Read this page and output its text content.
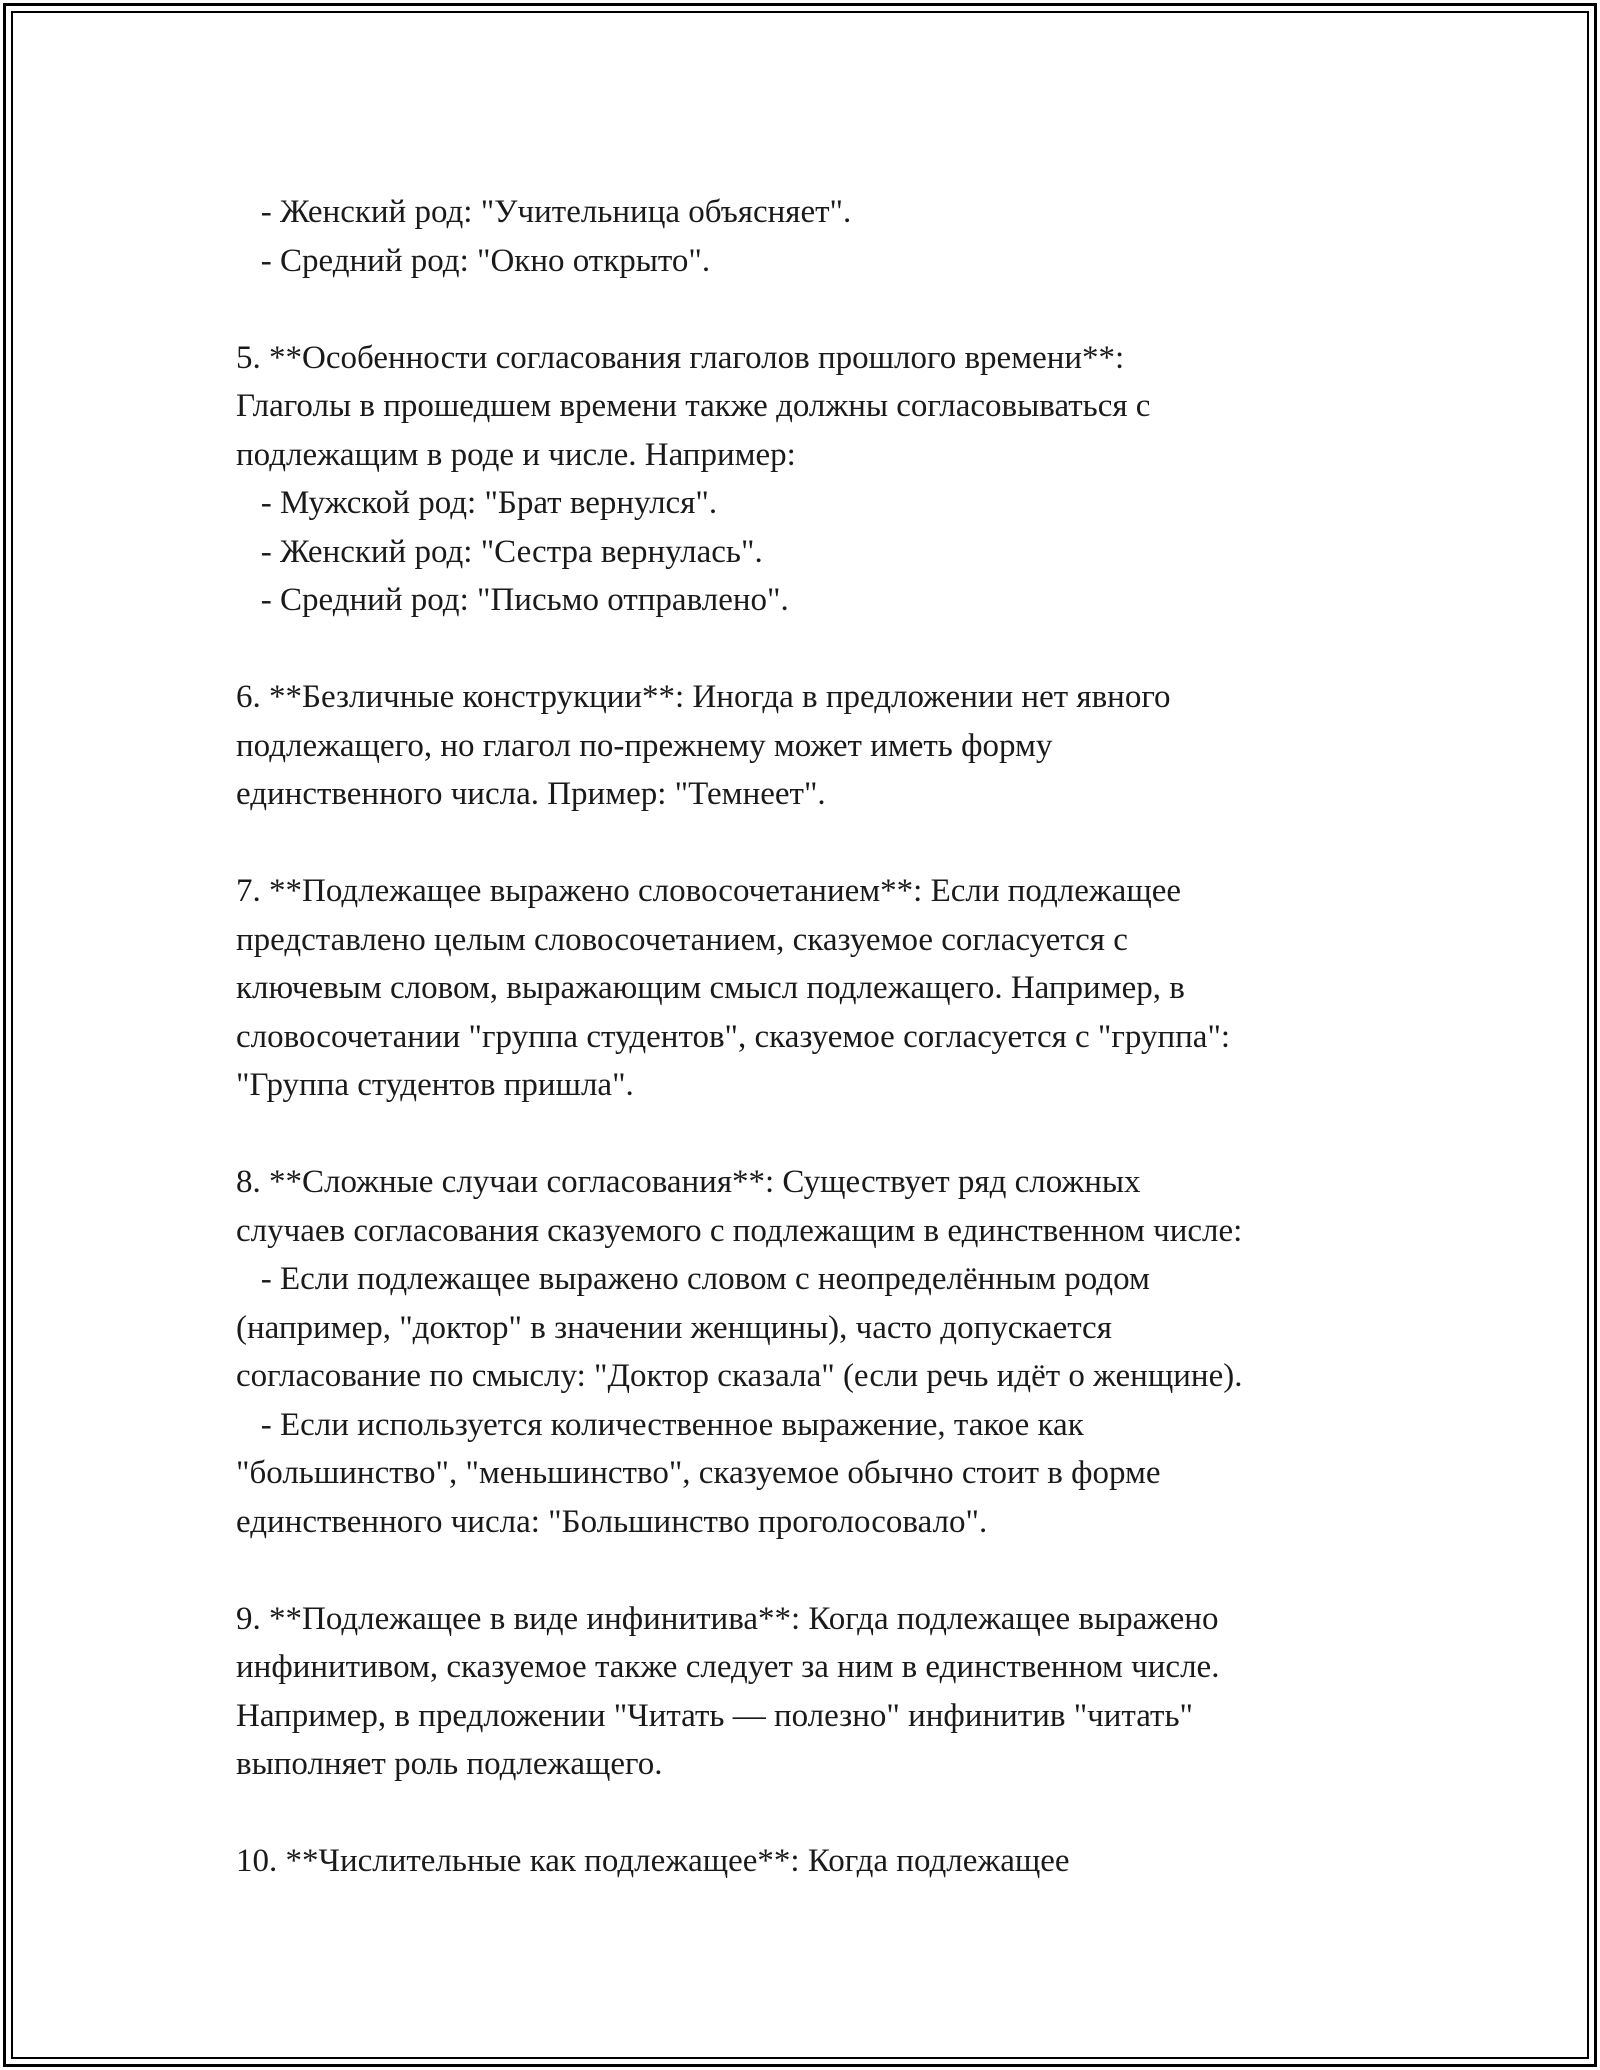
- Женский род: "Учительница объясняет".
- Средний род: "Окно открыто".
5. **Особенности согласования глаголов прошлого времени**:
Глаголы в прошедшем времени также должны согласовываться с
подлежащим в роде и числе. Например:
- Мужской род: "Брат вернулся".
- Женский род: "Сестра вернулась".
- Средний род: "Письмо отправлено".
6. **Безличные конструкции**: Иногда в предложении нет явного
подлежащего, но глагол по-прежнему может иметь форму
единственного числа. Пример: "Темнеет".
7. **Подлежащее выражено словосочетанием**: Если подлежащее
представлено целым словосочетанием, сказуемое согласуется с
ключевым словом, выражающим смысл подлежащего. Например, в
словосочетании "группа студентов", сказуемое согласуется с "группа":
"Группа студентов пришла".
8. **Сложные случаи согласования**: Существует ряд сложных
случаев согласования сказуемого с подлежащим в единственном числе:
- Если подлежащее выражено словом с неопределённым родом
(например, "доктор" в значении женщины), часто допускается
согласование по смыслу: "Доктор сказала" (если речь идёт о женщине).
- Если используется количественное выражение, такое как
"большинство", "меньшинство", сказуемое обычно стоит в форме
единственного числа: "Большинство проголосовало".
9. **Подлежащее в виде инфинитива**: Когда подлежащее выражено
инфинитивом, сказуемое также следует за ним в единственном числе.
Например, в предложении "Читать — полезно" инфинитив "читать"
выполняет роль подлежащего.
10. **Числительные как подлежащее**: Когда подлежащее
